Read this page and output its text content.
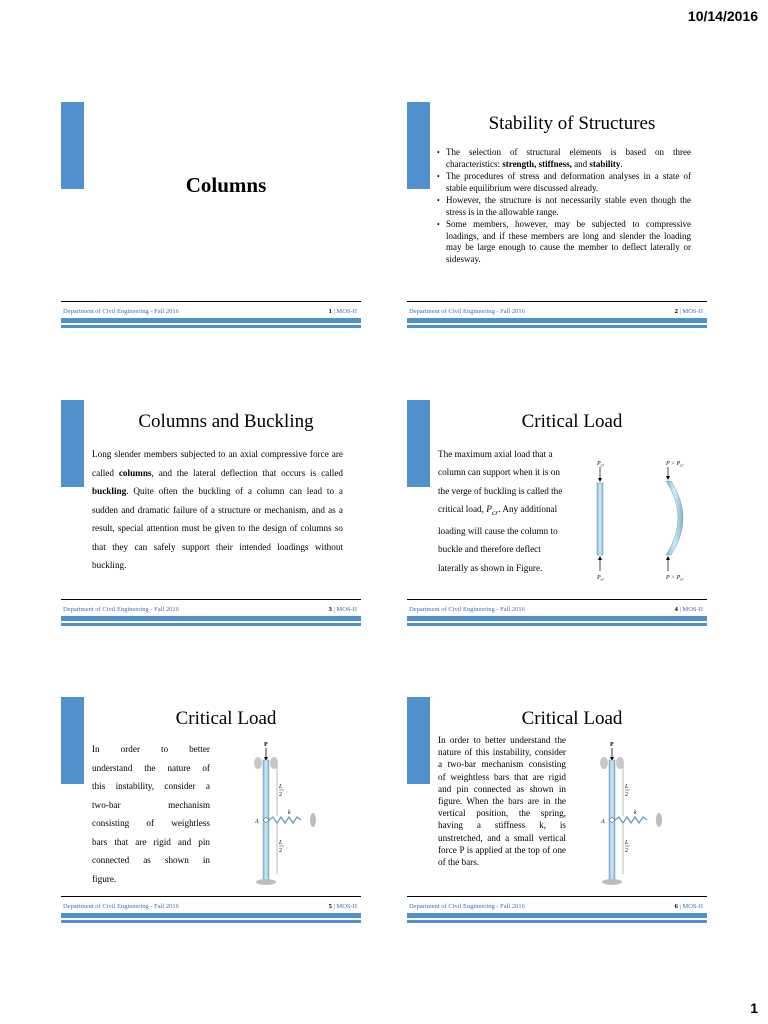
10/14/2016
Columns
Department of Civil Engineering - Fall 2016	1 | MOS-II
Stability of Structures
• The selection of structural elements is based on three characteristics: strength, stiffness, and stability.
• The procedures of stress and deformation analyses in a state of stable equilibrium were discussed already.
• However, the structure is not necessarily stable even though the stress is in the allowable range.
• Some members, however, may be subjected to compressive loadings, and if these members are long and slender the loading may be large enough to cause the member to deflect laterally or sidesway.
Department of Civil Engineering - Fall 2016	2 | MOS-II
Columns and Buckling

Long slender members subjected to an axial compressive force are called columns, and the lateral deflection that occurs is called buckling. Quite often the buckling of a column can lead to a sudden and dramatic failure of a structure or mechanism, and as a result, special attention must be given to the design of columns so that they can safely support their intended loadings without buckling.

Department of Civil Engineering - Fall 2016	3 | MOS-II
Critical Load

The maximum axial load that a column can support when it is on the verge of buckling is called the critical load, $P_{cr}$. Any additional loading will cause the column to buckle and therefore deflect laterally as shown in Figure.

$P_{cr}$
$P_{cr}$
$P > P_{cr}$
$P > P_{cr}$
Department of Civil Engineering - Fall 2016	4 | MOS-II
Critical Load
In order to better
understand the nature of
this instability, consider a
two-bar mechanism
consisting of weightless
bars that are rigid and pin
connected as shown in
figure.
P
A
k
L
2
L
2
Department of Civil Engineering - Fall 2016	5 | MOS-II
Critical Load

In order to better understand the nature of this instability, consider a two-bar mechanism consisting of weightless bars that are rigid and pin connected as shown in figure. When the bars are in the vertical position, the spring, having a stiffness k, is unstretched, and a small vertical force P is applied at the top of one of the bars.

P
A
k
L
2
L
2
Department of Civil Engineering - Fall 2016	6 | MOS-II
1
